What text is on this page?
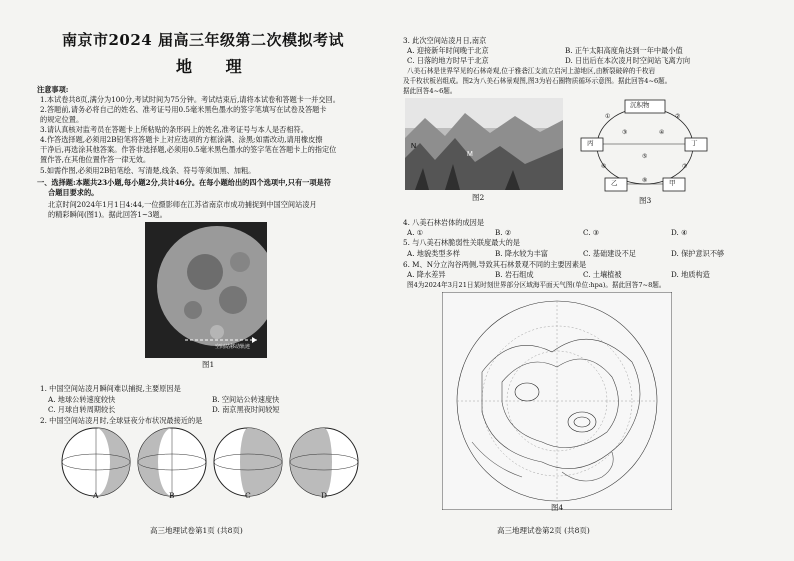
南京市2024 届高三年级第二次模拟考试
地 理
注意事项:
1.本试卷共8页,满分为100分,考试时间为75分钟。考试结束后,请将本试卷和答题卡一并交回。
2.答题前,请务必将自己的姓名、准考证号用0.5毫米黑色墨水的签字笔填写在试卷及答题卡
的规定位置。
3.请认真核对监考员在答题卡上所粘贴的条形码上的姓名,准考证号与本人是否相符。
4.作答选择题,必须用2B铅笔将答题卡上对应选项的方框涂满、涂黑;如需改动,请用橡皮擦
干净后,再选涂其他答案。作答非选择题,必须用0.5毫米黑色墨水的签字笔在答题卡上的指定位
置作答,在其他位置作答一律无效。
5.如需作图,必须用2B铅笔绘、写清楚,线条、符号等须加黑、加粗。
一、选择题:本题共23小题,每小题2分,共计46分。在每小题给出的四个选项中,只有一项是符
合题目要求的。
北京时间2024年1月1日4:44,一位摄影师在江苏省南京市成功捕捉到中国空间站凌月
的精彩瞬间(图1)。据此回答1~3题。
空间站移动轨迹
图1
1. 中国空间站凌月瞬间难以捕捉,主要原因是
A. 地球公转速度较快	B. 空间站公转速度快
C. 月球自转周期较长	D. 南京黑夜时间较短
2. 中国空间站凌月时,全球昼夜分布状况最接近的是
A	B	C	D
高三地理试卷第1页 (共8页)
3. 此次空间站凌月日,南京
A. 迎接新年时间晚于北京	B. 正午太阳高度角达到一年中最小值
C. 日落的地方时早于北京	D. 日出后在本次凌月时空间站飞离方向
八美石林是世界罕见的石林奇观,位于雅砻江支流立启河上游地区,由断裂破碎的千枚岩
及千枚状板岩组成。图2为八美石林景观图,图3为岩石圈物质循环示意图。据此回答4~6题。
据此回答4~6题。
N
M
图2
沉积物
丙	丁
乙	甲
①	②
③	④
⑤
⑥	⑦
⑧
图3
4. 八美石林岩体的成因是
A. ①	B. ②	C. ③	D. ④
5. 与八美石林脆弱性关联度最大的是
A. 地貌类型多样	B. 降水较为丰富	C. 基础建设不足	D. 保护意识不够
6. M、N分立沟谷两侧,导致其石林景观不同的主要因素是
A. 降水差异	B. 岩石组成	C. 土壤植被	D. 地质构造
图4为2024年3月21日某时刻世界部分区域海平面天气图(单位:hpa)。据此回答7~8题。
图4
高三地理试卷第2页 (共8页)
